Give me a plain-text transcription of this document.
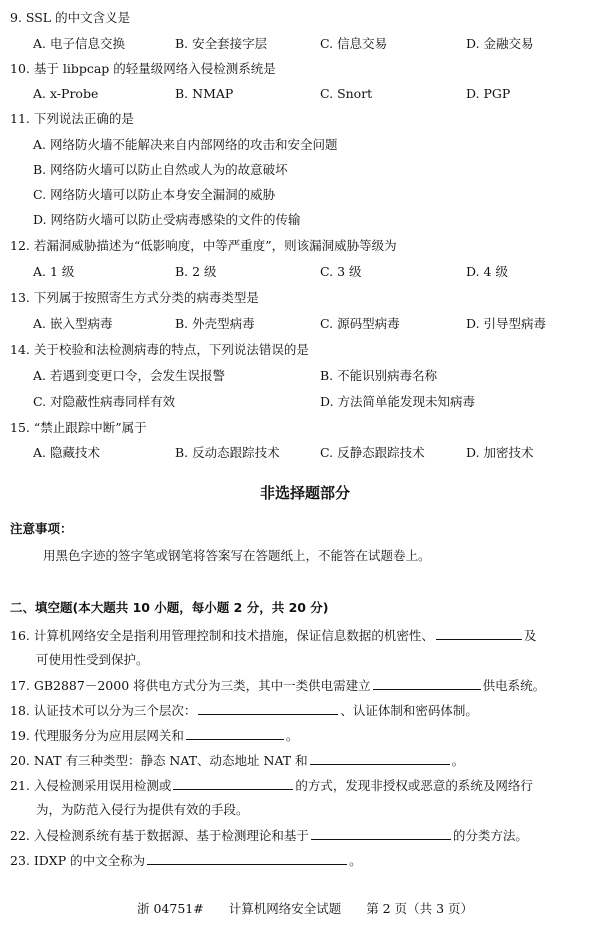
9. SSL 的中文含义是
A. 电子信息交换	B. 安全套接字层	C. 信息交易	D. 金融交易
10. 基于 libpcap 的轻量级网络入侵检测系统是
A. x-Probe	B. NMAP	C. Snort	D. PGP
11. 下列说法正确的是
A. 网络防火墙不能解决来自内部网络的攻击和安全问题
B. 网络防火墙可以防止自然或人为的故意破坏
C. 网络防火墙可以防止本身安全漏洞的威胁
D. 网络防火墙可以防止受病毒感染的文件的传输
12. 若漏洞威胁描述为“低影响度，中等严重度”，则该漏洞威胁等级为
A. 1 级	B. 2 级	C. 3 级	D. 4 级
13. 下列属于按照寄生方式分类的病毒类型是
A. 嵌入型病毒	B. 外壳型病毒	C. 源码型病毒	D. 引导型病毒
14. 关于校验和法检测病毒的特点，下列说法错误的是
A. 若遇到变更口令，会发生误报警	B. 不能识别病毒名称
C. 对隐蔽性病毒同样有效	D. 方法简单能发现未知病毒
15. “禁止跟踪中断”属于
A. 隐藏技术	B. 反动态跟踪技术	C. 反静态跟踪技术	D. 加密技术
非选择题部分
注意事项：
用黑色字迹的签字笔或钢笔将答案写在答题纸上，不能答在试题卷上。
二、填空题(本大题共 10 小题，每小题 2 分，共 20 分)
16. 计算机网络安全是指利用管理控制和技术措施，保证信息数据的机密性、	及
可使用性受到保护。
17. GB2887－2000 将供电方式分为三类，其中一类供电需建立	供电系统。
18. 认证技术可以分为三个层次：	、认证体制和密码体制。
19. 代理服务分为应用层网关和	。
20. NAT 有三种类型：静态 NAT、动态地址 NAT 和	。
21. 入侵检测采用误用检测或	的方式，发现非授权或恶意的系统及网络行
为，为防范入侵行为提供有效的手段。
22. 入侵检测系统有基于数据源、基于检测理论和基于	的分类方法。
23. IDXP 的中文全称为	。
浙 04751#　　计算机网络安全试题　　第 2 页（共 3 页）
